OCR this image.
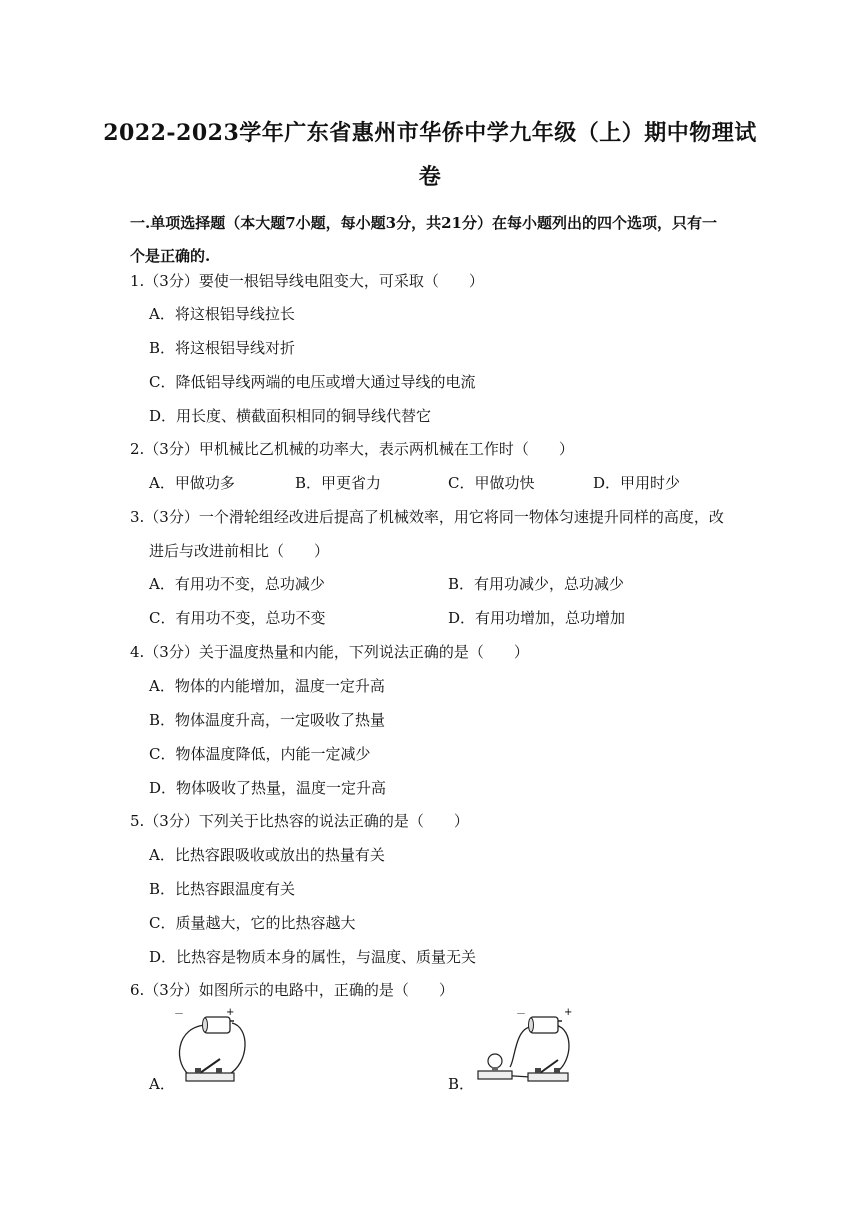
2022-2023学年广东省惠州市华侨中学九年级（上）期中物理试
卷
一.单项选择题（本大题7小题，每小题3分，共21分）在每小题列出的四个选项，只有一
个是正确的.
1.（3分）要使一根铝导线电阻变大，可采取（　　）
A．将这根铝导线拉长
B．将这根铝导线对折
C．降低铝导线两端的电压或增大通过导线的电流
D．用长度、横截面积相同的铜导线代替它
2.（3分）甲机械比乙机械的功率大，表示两机械在工作时（　　）
A．甲做功多	B．甲更省力	C．甲做功快	D．甲用时少
3.（3分）一个滑轮组经改进后提高了机械效率，用它将同一物体匀速提升同样的高度，改
进后与改进前相比（　　）
A．有用功不变，总功减少	B．有用功减少，总功减少
C．有用功不变，总功不变	D．有用功增加，总功增加
4.（3分）关于温度热量和内能，下列说法正确的是（　　）
A．物体的内能增加，温度一定升高
B．物体温度升高，一定吸收了热量
C．物体温度降低，内能一定减少
D．物体吸收了热量，温度一定升高
5.（3分）下列关于比热容的说法正确的是（　　）
A．比热容跟吸收或放出的热量有关
B．比热容跟温度有关
C．质量越大，它的比热容越大
D．比热容是物质本身的属性，与温度、质量无关
6.（3分）如图所示的电路中，正确的是（　　）
A．
－	+
B．
－	+
